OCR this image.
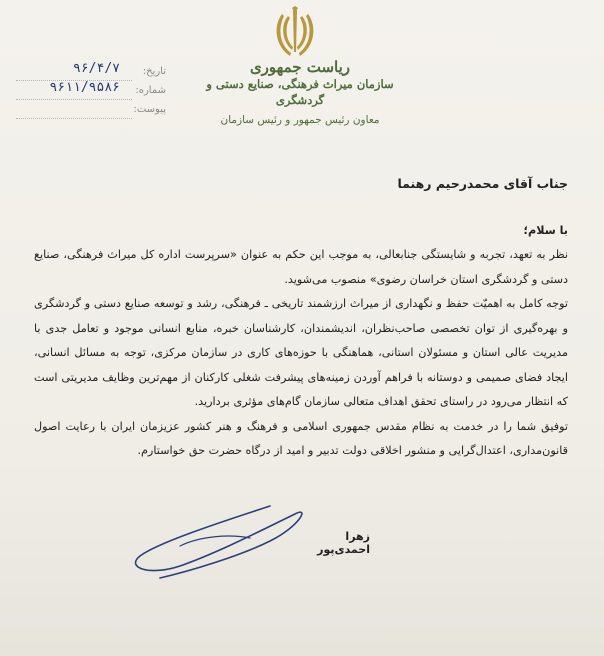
ریاست جمهوری
سازمان میراث فرهنگی، صنایع دستی و گردشگری
معاون رئیس جمهور و رئیس سازمان
تاریخ:
۹۶/۴/۷
شماره:
۹۶۱۱/۹۵۸۶
پیوست:

جناب آقای محمدرحیم رهنما

با سلام؛

نظر به تعهد، تجربه و شایستگی جنابعالی، به موجب این حکم به عنوان «سرپرست اداره کل میراث فرهنگی، صنایع دستی و گردشگری استان خراسان رضوی» منصوب می‌شوید.

توجه کامل به اهمیّت حفظ و نگهداری از میراث ارزشمند تاریخی ـ فرهنگی، رشد و توسعه صنایع دستی و گردشگری و بهره‌گیری از توان تخصصی صاحب‌نظران، اندیشمندان، کارشناسان خبره، منابع انسانی موجود و تعامل جدی با مدیریت عالی استان و مسئولان استانی، هماهنگی با حوزه‌های کاری در سازمان مرکزی، توجه به مسائل انسانی، ایجاد فضای صمیمی و دوستانه با فراهم آوردن زمینه‌های پیشرفت شغلی کارکنان از مهم‌ترین وظایف مدیریتی است که انتظار می‌رود در راستای تحقق اهداف متعالی سازمان گام‌های مؤثری بردارید.

توفیق شما را در خدمت به نظام مقدس جمهوری اسلامی و فرهنگ و هنر کشور عزیزمان ایران با رعایت اصول قانون‌مداری، اعتدال‌گرایی و منشور اخلاقی دولت تدبیر و امید از درگاه حضرت حق خواستارم.

زهرا احمدی‌پور
